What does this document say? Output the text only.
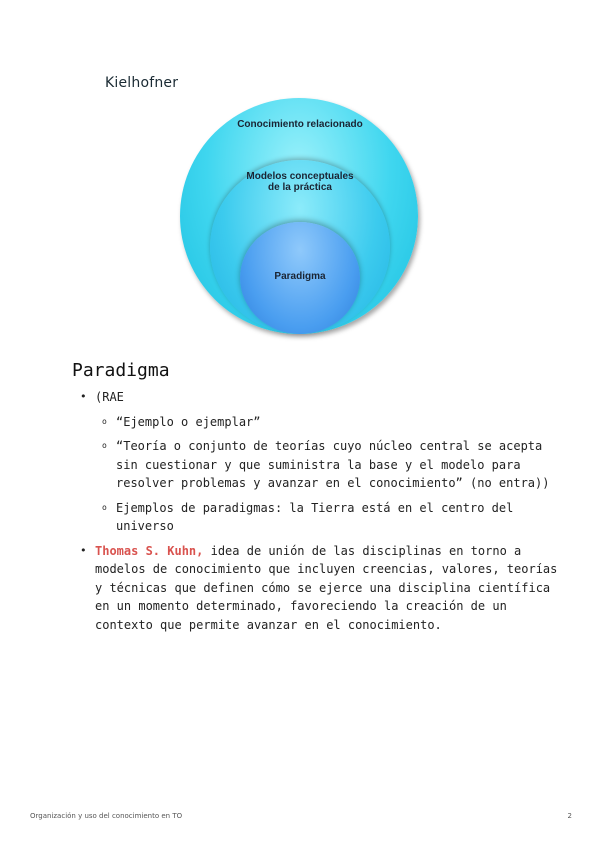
Kielhofner
Conocimiento relacionado
Modelos conceptuales de la práctica
Paradigma
Paradigma
• (RAE
o “Ejemplo o ejemplar”
o “Teoría o conjunto de teorías cuyo núcleo central se acepta sin cuestionar y que suministra la base y el modelo para resolver problemas y avanzar en el conocimiento” (no entra))
o Ejemplos de paradigmas: la Tierra está en el centro del universo
• Thomas S. Kuhn, idea de unión de las disciplinas en torno a modelos de conocimiento que incluyen creencias, valores, teorías y técnicas que definen cómo se ejerce una disciplina científica en un momento determinado, favoreciendo la creación de un contexto que permite avanzar en el conocimiento.
Organización y uso del conocimiento en TO	2
